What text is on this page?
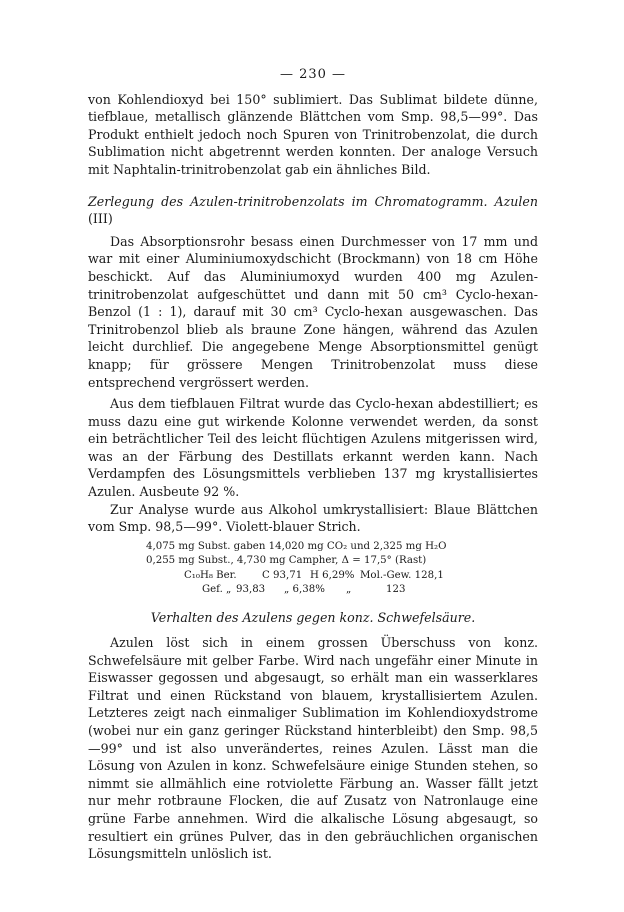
— 230 —

von Kohlendioxyd bei 150° sublimiert. Das Sublimat bildete dünne, tiefblaue, metallisch glänzende Blättchen vom Smp. 98,5—99°. Das Produkt enthielt jedoch noch Spuren von Trinitrobenzolat, die durch Sublimation nicht abgetrennt werden konnten. Der analoge Versuch mit Naphtalin-trinitrobenzolat gab ein ähnliches Bild.

Zerlegung des Azulen-trinitrobenzolats im Chromatogramm. Azulen (III)

Das Absorptionsrohr besass einen Durchmesser von 17 mm und war mit einer Aluminiumoxydschicht (Brockmann) von 18 cm Höhe beschickt. Auf das Aluminiumoxyd wurden 400 mg Azulen-trinitrobenzolat aufgeschüttet und dann mit 50 cm³ Cyclo-hexan-Benzol (1 : 1), darauf mit 30 cm³ Cyclo-hexan ausgewaschen. Das Trinitrobenzol blieb als braune Zone hängen, während das Azulen leicht durchlief. Die angegebene Menge Absorptionsmittel genügt knapp; für grössere Mengen Trinitrobenzolat muss diese entsprechend vergrössert werden.

Aus dem tiefblauen Filtrat wurde das Cyclo-hexan abdestilliert; es muss dazu eine gut wirkende Kolonne verwendet werden, da sonst ein beträchtlicher Teil des leicht flüchtigen Azulens mitgerissen wird, was an der Färbung des Destillats erkannt werden kann. Nach Verdampfen des Lösungsmittels verblieben 137 mg krystallisiertes Azulen. Ausbeute 92 %.

Zur Analyse wurde aus Alkohol umkrystallisiert: Blaue Blättchen vom Smp. 98,5—99°. Violett-blauer Strich.

4,075 mg Subst. gaben 14,020 mg CO₂ und 2,325 mg H₂O
0,255 mg Subst., 4,730 mg Campher, Δ = 17,5° (Rast)
C₁₀H₈ Ber.	C 93,71 H 6,29% Mol.-Gew. 128,1
Gef. „ 93,83	„ 6,38%	„	123

Verhalten des Azulens gegen konz. Schwefelsäure.

Azulen löst sich in einem grossen Überschuss von konz. Schwefelsäure mit gelber Farbe. Wird nach ungefähr einer Minute in Eiswasser gegossen und abgesaugt, so erhält man ein wasserklares Filtrat und einen Rückstand von blauem, krystallisiertem Azulen. Letzteres zeigt nach einmaliger Sublimation im Kohlendioxydstrome (wobei nur ein ganz geringer Rückstand hinterbleibt) den Smp. 98,5—99° und ist also unverändertes, reines Azulen. Lässt man die Lösung von Azulen in konz. Schwefelsäure einige Stunden stehen, so nimmt sie allmählich eine rotviolette Färbung an. Wasser fällt jetzt nur mehr rotbraune Flocken, die auf Zusatz von Natronlauge eine grüne Farbe annehmen. Wird die alkalische Lösung abgesaugt, so resultiert ein grünes Pulver, das in den gebräuchlichen organischen Lösungsmitteln unlöslich ist.
